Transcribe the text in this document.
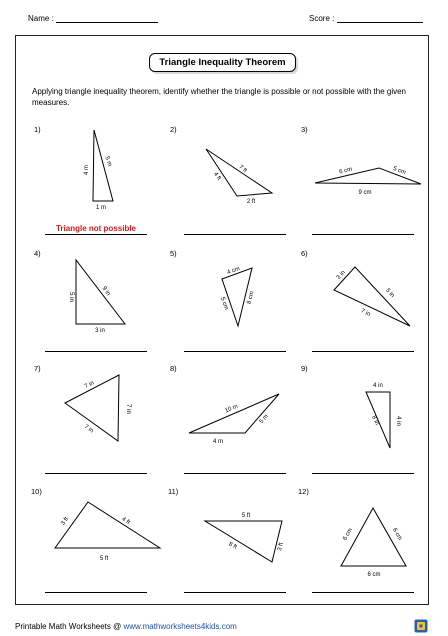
Name :	Score :
Triangle Inequality Theorem
Applying triangle inequality theorem, identify whether the triangle is possible or not possible with the given measures.
1)	2)	3)
4)	5)	6)
7)	8)	9)
10)	11)	12)
4 m
5 m
1 m
4 ft
7 ft
2 ft
6 cm	5 cm
9 cm
5 in	9 in
3 in
4 cm
5 cm	8 cm
3 in
5 in
7 in
7 in
7 in
7 in
10 m
5 m
4 m
4 in
8 in	4 in
3 ft	4 ft
5 ft
5 ft
8 ft	3 ft
6 cm	6 cm
6 cm
Triangle not possible
Printable Math Worksheets @ www.mathworksheets4kids.com
